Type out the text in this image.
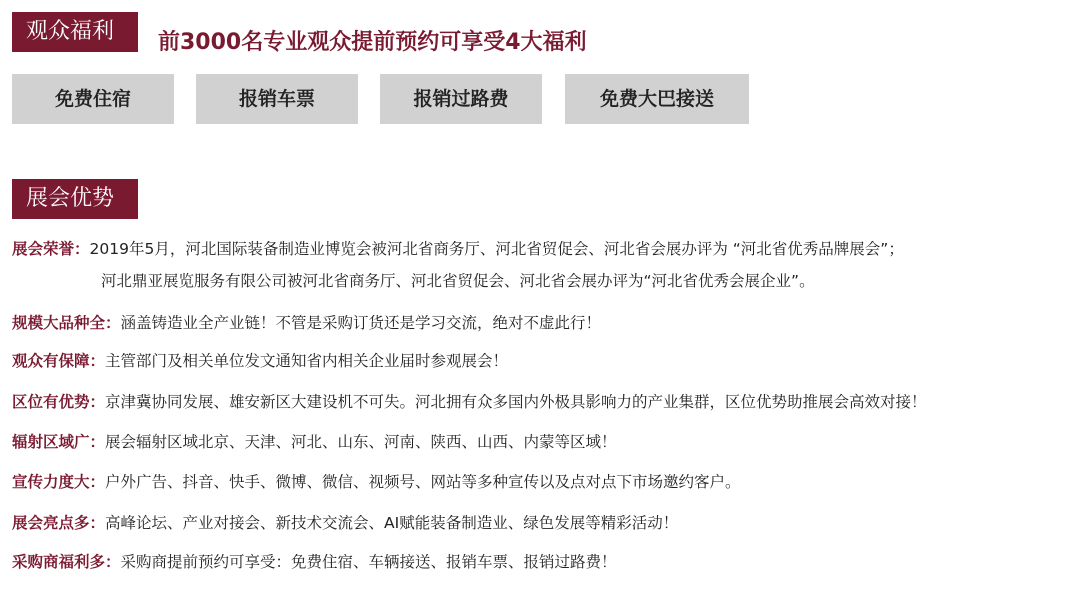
观众福利	前3000名专业观众提前预约可享受4大福利
免费住宿	报销车票	报销过路费	免费大巴接送
展会优势
展会荣誉：2019年5月，河北国际装备制造业博览会被河北省商务厅、河北省贸促会、河北省会展办评为 “河北省优秀品牌展会”；
河北鼎亚展览服务有限公司被河北省商务厅、河北省贸促会、河北省会展办评为“河北省优秀会展企业”。
规模大品种全：涵盖铸造业全产业链！不管是采购订货还是学习交流，绝对不虚此行！
观众有保障：主管部门及相关单位发文通知省内相关企业届时参观展会！
区位有优势：京津冀协同发展、雄安新区大建设机不可失。河北拥有众多国内外极具影响力的产业集群，区位优势助推展会高效对接！
辐射区域广：展会辐射区域北京、天津、河北、山东、河南、陕西、山西、内蒙等区域！
宣传力度大：户外广告、抖音、快手、微博、微信、视频号、网站等多种宣传以及点对点下市场邀约客户。
展会亮点多：高峰论坛、产业对接会、新技术交流会、AI赋能装备制造业、绿色发展等精彩活动！
采购商福利多：采购商提前预约可享受：免费住宿、车辆接送、报销车票、报销过路费！
